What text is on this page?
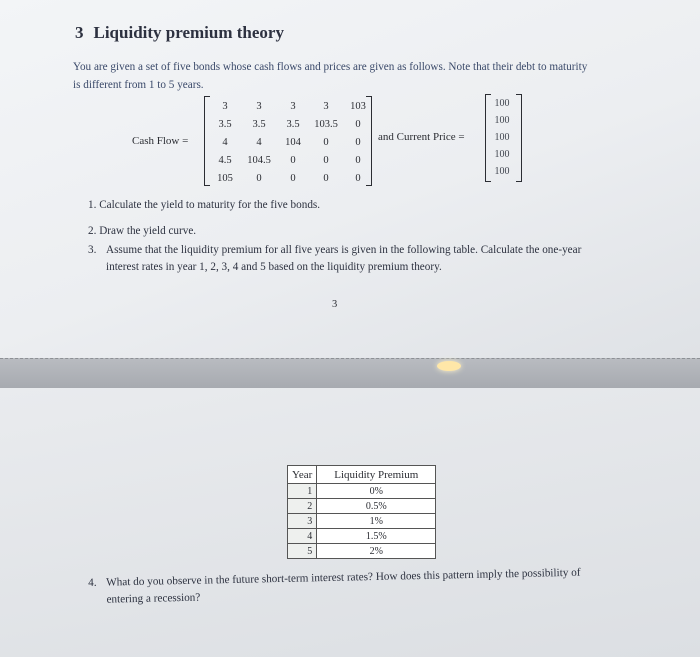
3 Liquidity premium theory
You are given a set of five bonds whose cash flows and prices are given as follows. Note that their debt to maturity is different from 1 to 5 years.
Cash Flow =
3	3	3	3	103
3.5	3.5	3.5	103.5	0
4	4	104	0	0
4.5	104.5	0	0	0
105	0	0	0	0
and Current Price =
100
100
100
100
100
1. Calculate the yield to maturity for the five bonds.
2. Draw the yield curve.
3. Assume that the liquidity premium for all five years is given in the following table. Calculate the one-year interest rates in year 1, 2, 3, 4 and 5 based on the liquidity premium theory.
3
Year	Liquidity Premium
1	0%
2	0.5%
3	1%
4	1.5%
5	2%
4. What do you observe in the future short-term interest rates? How does this pattern imply the possibility of entering a recession?
